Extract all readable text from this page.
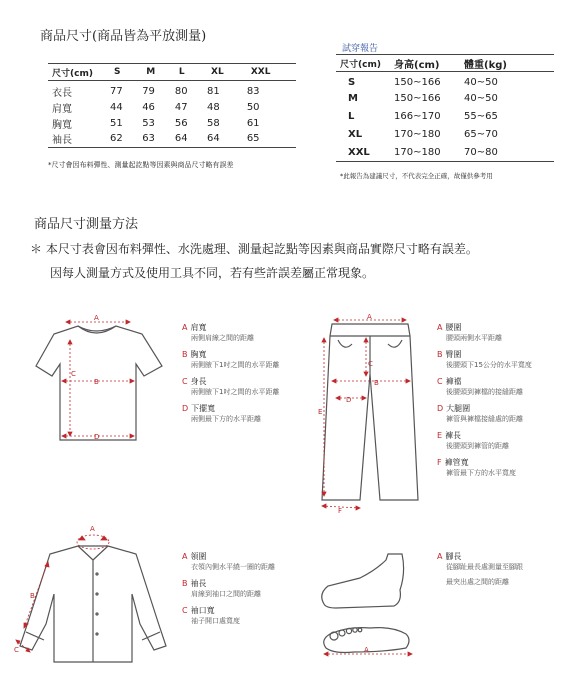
商品尺寸(商品皆為平放測量)
尺寸(cm)	S	M	L	XL	XXL
衣長	77	79	80	81	83
肩寬	44	46	47	48	50
胸寬	51	53	56	58	61
袖長	62	63	64	64	65
*尺寸會因布料彈性、測量起訖點等因素與商品尺寸略有誤差
試穿報告
尺寸(cm)	身高(cm)	體重(kg)
S	150~166	40~50
M	150~166	40~50
L	166~170	55~65
XL	170~180	65~70
XXL	170~180	70~80
*此報告為建議尺寸，不代表完全正確，故僅供參考用
商品尺寸測量方法
＊ 本尺寸表會因布料彈性、水洗處理、測量起訖點等因素與商品實際尺寸略有誤差。
因每人測量方式及使用工具不同，若有些許誤差屬正常現象。
A
B
C
D
A 肩寬
兩側肩線之間的距離
B 胸寬
兩側腋下1吋之間的水平距離
C 身長
兩側腋下1吋之間的水平距離
D 下擺寬
兩側最下方的水平距離
A
B
C
D
E
F
A 腰圍
腰頭兩側水平距離
B 臀圍
後腰頭下15公分的水平寬度
C 褲襠
後腰頭到褲檔的接縫距離
D 大腿圍
褲管與褲檔接縫處的距離
E 褲長
後腰頭到褲管的距離
F 褲管寬
褲管最下方的水平寬度
A
B
C
A 領圍
衣領內側水平繞一圈的距離
B 袖長
肩線到袖口之間的距離
C 袖口寬
袖子開口處寬度
A
A 腳長
從腳趾最長處測量至腳跟
最突出處之間的距離
